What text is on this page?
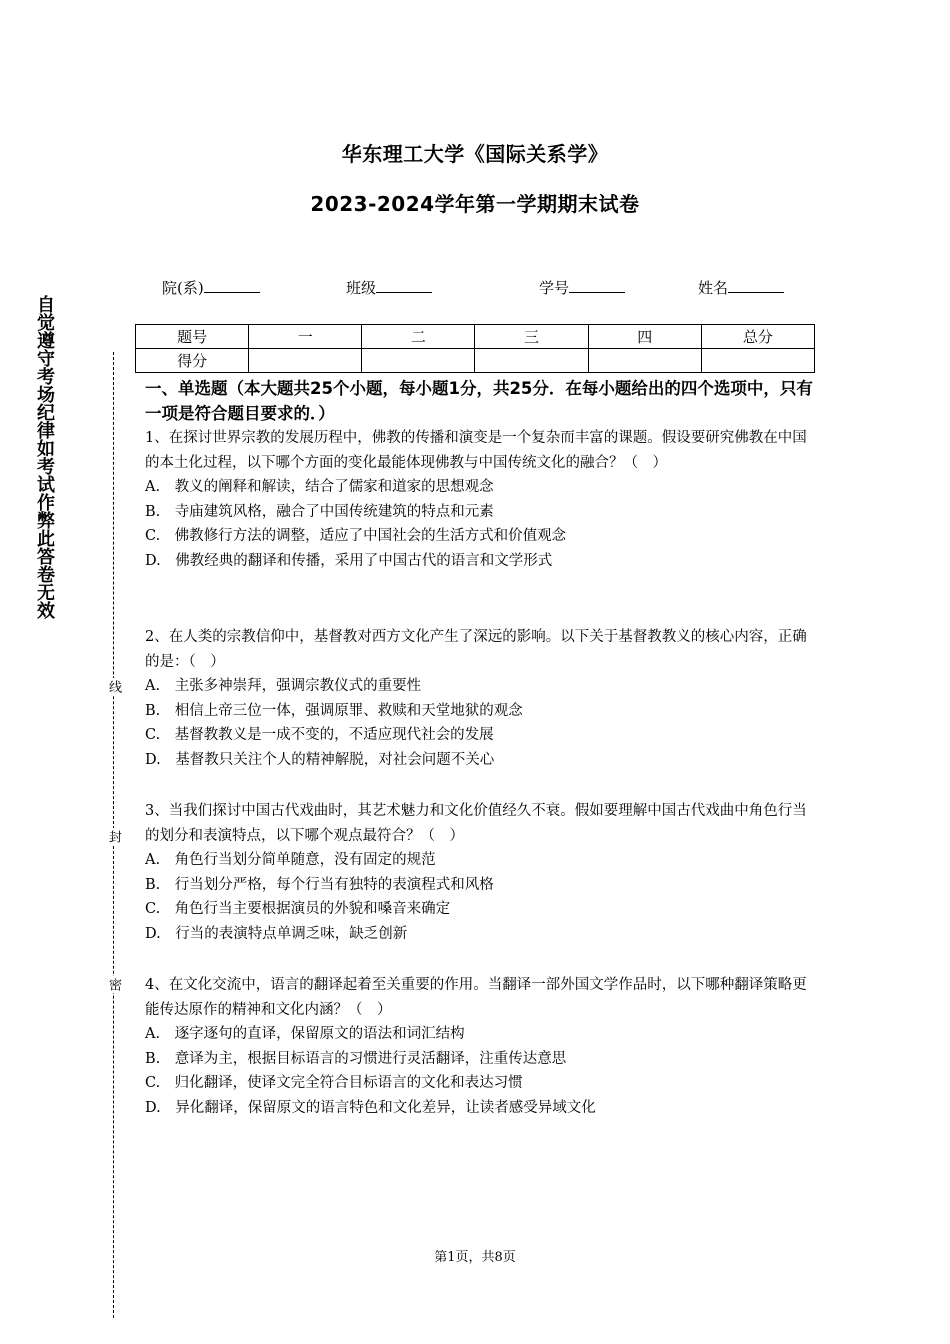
华东理工大学《国际关系学》
2023-2024学年第一学期期末试卷
院(系)	班级	学号	姓名
自觉遵守考场纪律如考试作弊此答卷无效
线
封
密
题号	一	二	三	四	总分
得分					
一、单选题（本大题共25个小题，每小题1分，共25分．在每小题给出的四个选项中，只有一项是符合题目要求的．）

1、在探讨世界宗教的发展历程中，佛教的传播和演变是一个复杂而丰富的课题。假设要研究佛教在中国的本土化过程，以下哪个方面的变化最能体现佛教与中国传统文化的融合？（　）

A.　教义的阐释和解读，结合了儒家和道家的思想观念

B.　寺庙建筑风格，融合了中国传统建筑的特点和元素

C.　佛教修行方法的调整，适应了中国社会的生活方式和价值观念

D.　佛教经典的翻译和传播，采用了中国古代的语言和文学形式

2、在人类的宗教信仰中，基督教对西方文化产生了深远的影响。以下关于基督教教义的核心内容，正确的是：（　）

A.　主张多神崇拜，强调宗教仪式的重要性

B.　相信上帝三位一体，强调原罪、救赎和天堂地狱的观念

C.　基督教教义是一成不变的，不适应现代社会的发展

D.　基督教只关注个人的精神解脱，对社会问题不关心

3、当我们探讨中国古代戏曲时，其艺术魅力和文化价值经久不衰。假如要理解中国古代戏曲中角色行当的划分和表演特点，以下哪个观点最符合？（　）

A.　角色行当划分简单随意，没有固定的规范

B.　行当划分严格，每个行当有独特的表演程式和风格

C.　角色行当主要根据演员的外貌和嗓音来确定

D.　行当的表演特点单调乏味，缺乏创新

4、在文化交流中，语言的翻译起着至关重要的作用。当翻译一部外国文学作品时，以下哪种翻译策略更能传达原作的精神和文化内涵？（　）

A.　逐字逐句的直译，保留原文的语法和词汇结构

B.　意译为主，根据目标语言的习惯进行灵活翻译，注重传达意思

C.　归化翻译，使译文完全符合目标语言的文化和表达习惯

D.　异化翻译，保留原文的语言特色和文化差异，让读者感受异域文化

第1页，共8页
